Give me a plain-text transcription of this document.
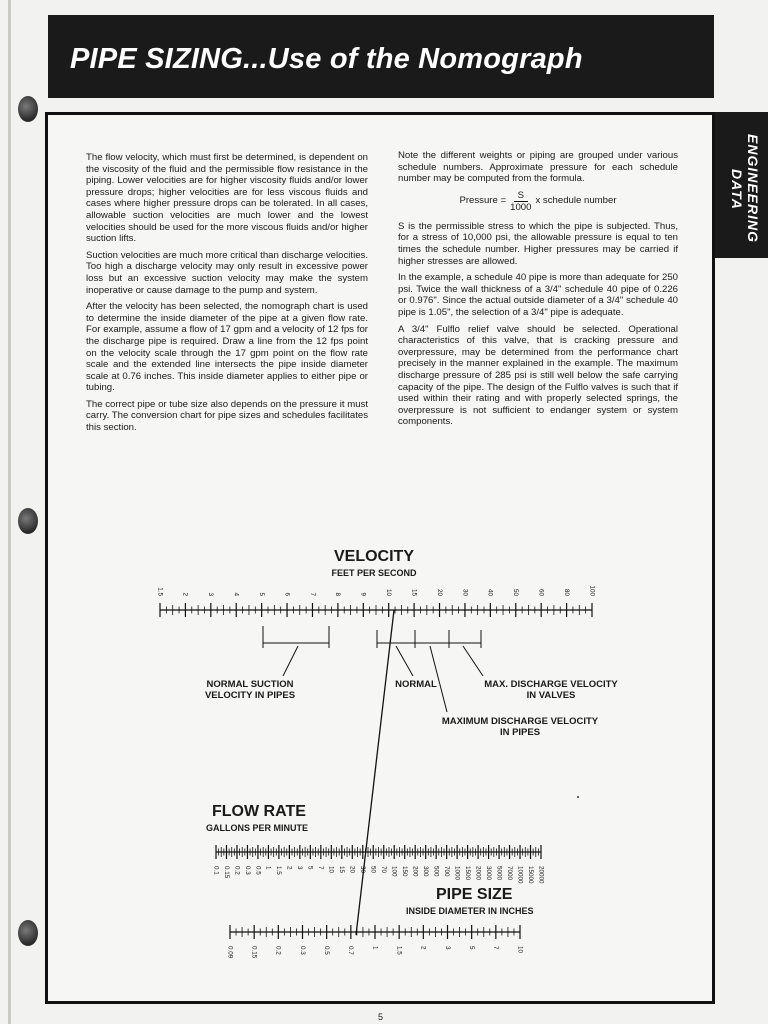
PIPE SIZING...Use of the Nomograph
ENGINEERING DATA

The flow velocity, which must first be determined, is dependent on the viscosity of the fluid and the permissible flow resistance in the piping. Lower velocities are for higher viscosity fluids and/or lower pressure drops; higher velocities are for less viscous fluids and cases where higher pressure drops can be tolerated. In all cases, allowable suction velocities are much lower and the lowest velocities should be used for the more viscous fluids and/or higher suction lifts.

Suction velocities are much more critical than discharge velocities. Too high a discharge velocity may only result in excessive power loss but an excessive suction velocity may make the system inoperative or cause damage to the pump and system.

After the velocity has been selected, the nomograph chart is used to determine the inside diameter of the pipe at a given flow rate. For example, assume a flow of 17 gpm and a velocity of 12 fps for the discharge pipe is required. Draw a line from the 12 fps point on the velocity scale through the 17 gpm point on the flow rate scale and the extended line intersects the pipe inside diameter scale at 0.76 inches. This inside diameter applies to either pipe or tubing.

The correct pipe or tube size also depends on the pressure it must carry. The conversion chart for pipe sizes and schedules facilitates this section.

Note the different weights or piping are grouped under various schedule numbers. Approximate pressure for each schedule number may be computed from the formula.

Pressure = $\frac{S}{1000}$ x schedule number

S is the permissible stress to which the pipe is subjected. Thus, for a stress of 10,000 psi, the allowable pressure is equal to ten times the schedule number. Higher pressures may be carried if higher stresses are allowed.

In the example, a schedule 40 pipe is more than adequate for 250 psi. Twice the wall thickness of a 3/4" schedule 40 pipe of 0.226 or 0.976". Since the actual outside diameter of a 3/4" schedule 40 pipe is 1.05", the selection of a 3/4" pipe is adequate.

A 3/4" Fulflo relief valve should be selected. Operational characteristics of this valve, that is cracking pressure and overpressure, may be determined from the performance chart precisely in the manner explained in the example. The maximum discharge pressure of 285 psi is still well below the safe carrying capacity of the pipe. The design of the Fulflo valves is such that if used within their rating and with properly selected springs, the overpressure is not sufficient to endanger system or system components.

VELOCITY
FEET PER SECOND
1.5	2	3	4	5	6	7	8	9	10	15	20	30	40	50	60	80	100
0.1 0.15 0.2 0.3 0.5 1 1.5 2 3 5 7 10 15 20 30 50 70 100 150 200 300 500 700 1000 1500 2000 3000 5000 7000 10000 15000 20000
0.09	0.15	0.2	0.3	0.5	0.7	1	1.5	2	3	5	7	10
NORMAL SUCTION
VELOCITY IN PIPES
NORMAL	MAX. DISCHARGE VELOCITY
IN VALVES
MAXIMUM DISCHARGE VELOCITY
IN PIPES
FLOW RATE
GALLONS PER MINUTE
PIPE SIZE
INSIDE DIAMETER IN INCHES
5
